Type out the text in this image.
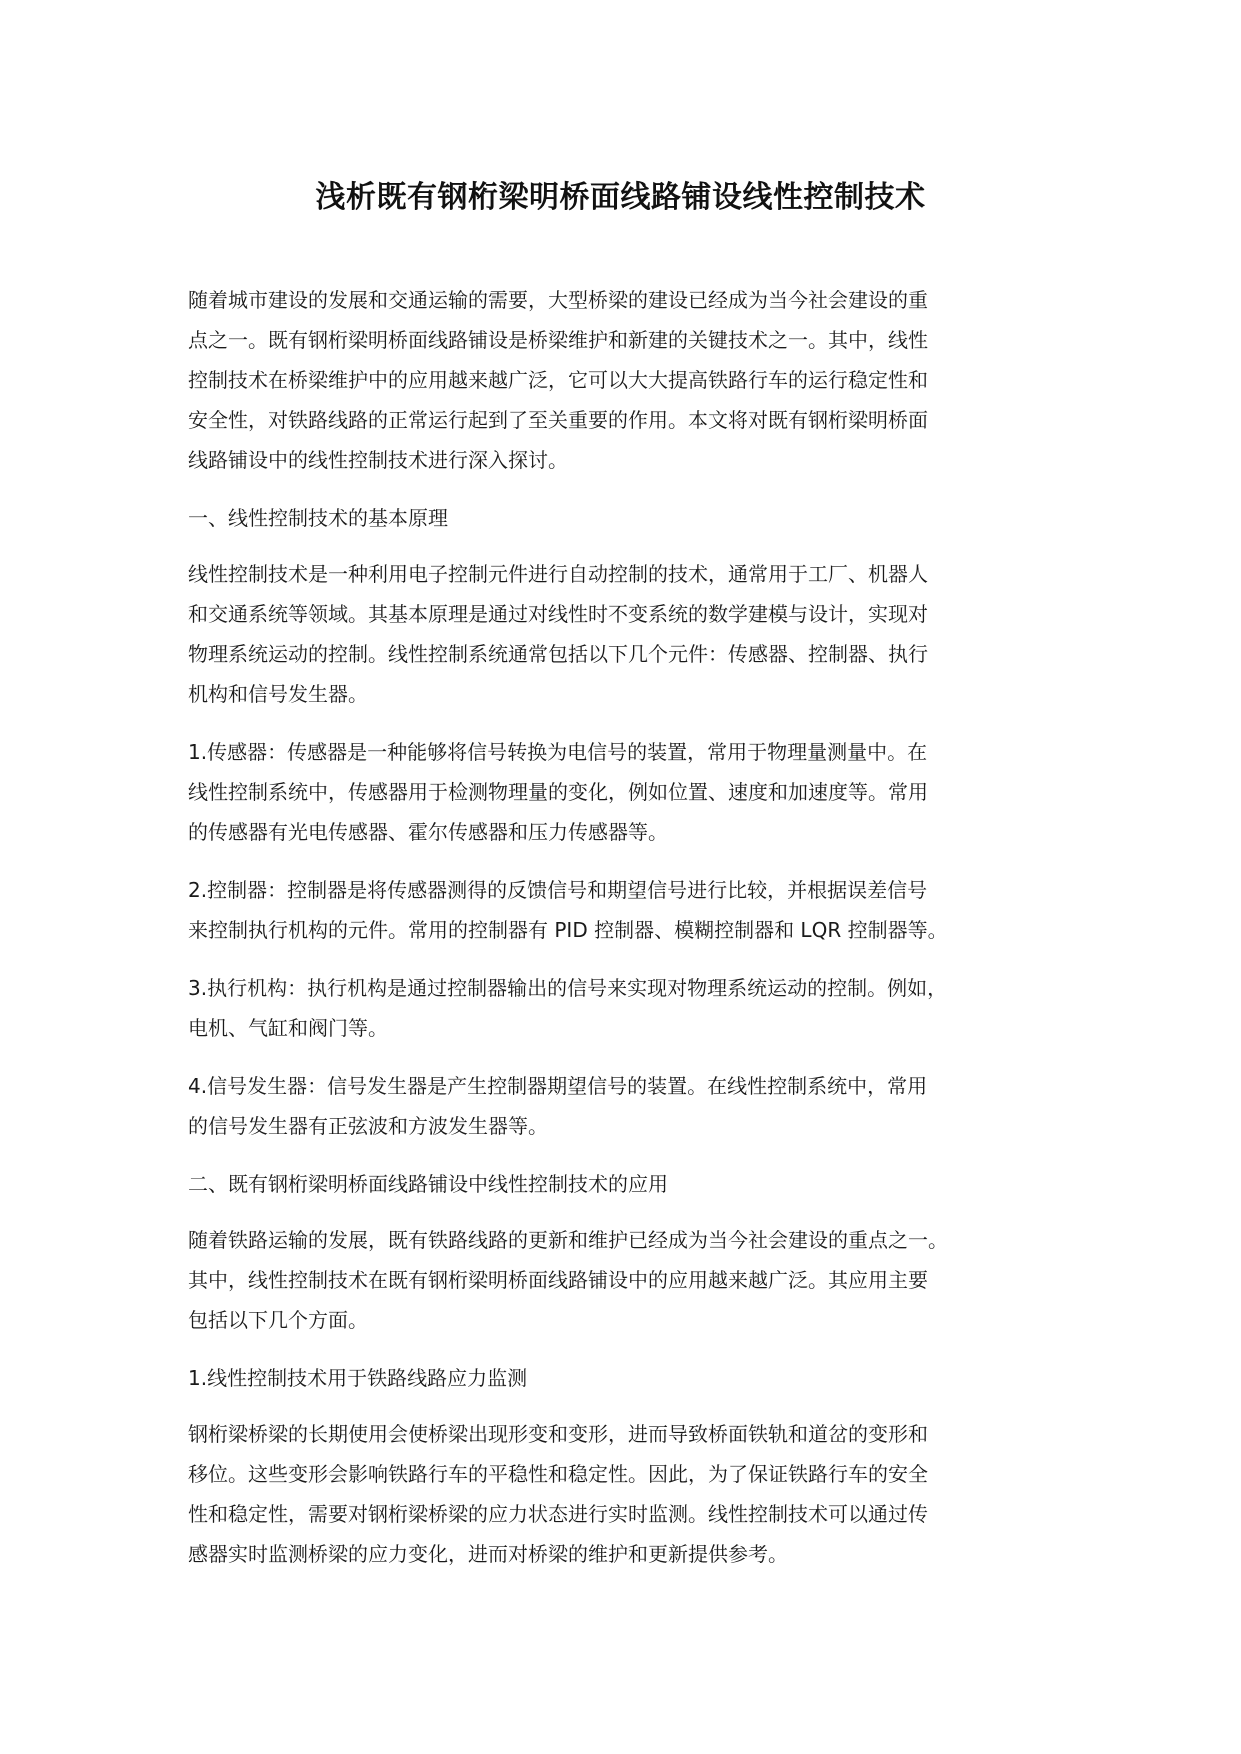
浅析既有钢桁梁明桥面线路铺设线性控制技术

随着城市建设的发展和交通运输的需要，大型桥梁的建设已经成为当今社会建设的重
点之一。既有钢桁梁明桥面线路铺设是桥梁维护和新建的关键技术之一。其中，线性
控制技术在桥梁维护中的应用越来越广泛，它可以大大提高铁路行车的运行稳定性和
安全性，对铁路线路的正常运行起到了至关重要的作用。本文将对既有钢桁梁明桥面
线路铺设中的线性控制技术进行深入探讨。

一、线性控制技术的基本原理

线性控制技术是一种利用电子控制元件进行自动控制的技术，通常用于工厂、机器人
和交通系统等领域。其基本原理是通过对线性时不变系统的数学建模与设计，实现对
物理系统运动的控制。线性控制系统通常包括以下几个元件：传感器、控制器、执行
机构和信号发生器。

1.传感器：传感器是一种能够将信号转换为电信号的装置，常用于物理量测量中。在
线性控制系统中，传感器用于检测物理量的变化，例如位置、速度和加速度等。常用
的传感器有光电传感器、霍尔传感器和压力传感器等。

2.控制器：控制器是将传感器测得的反馈信号和期望信号进行比较，并根据误差信号
来控制执行机构的元件。常用的控制器有 PID 控制器、模糊控制器和 LQR 控制器等。

3.执行机构：执行机构是通过控制器输出的信号来实现对物理系统运动的控制。例如，
电机、气缸和阀门等。

4.信号发生器：信号发生器是产生控制器期望信号的装置。在线性控制系统中，常用
的信号发生器有正弦波和方波发生器等。

二、既有钢桁梁明桥面线路铺设中线性控制技术的应用

随着铁路运输的发展，既有铁路线路的更新和维护已经成为当今社会建设的重点之一。
其中，线性控制技术在既有钢桁梁明桥面线路铺设中的应用越来越广泛。其应用主要
包括以下几个方面。

1.线性控制技术用于铁路线路应力监测

钢桁梁桥梁的长期使用会使桥梁出现形变和变形，进而导致桥面铁轨和道岔的变形和
移位。这些变形会影响铁路行车的平稳性和稳定性。因此，为了保证铁路行车的安全
性和稳定性，需要对钢桁梁桥梁的应力状态进行实时监测。线性控制技术可以通过传
感器实时监测桥梁的应力变化，进而对桥梁的维护和更新提供参考。
